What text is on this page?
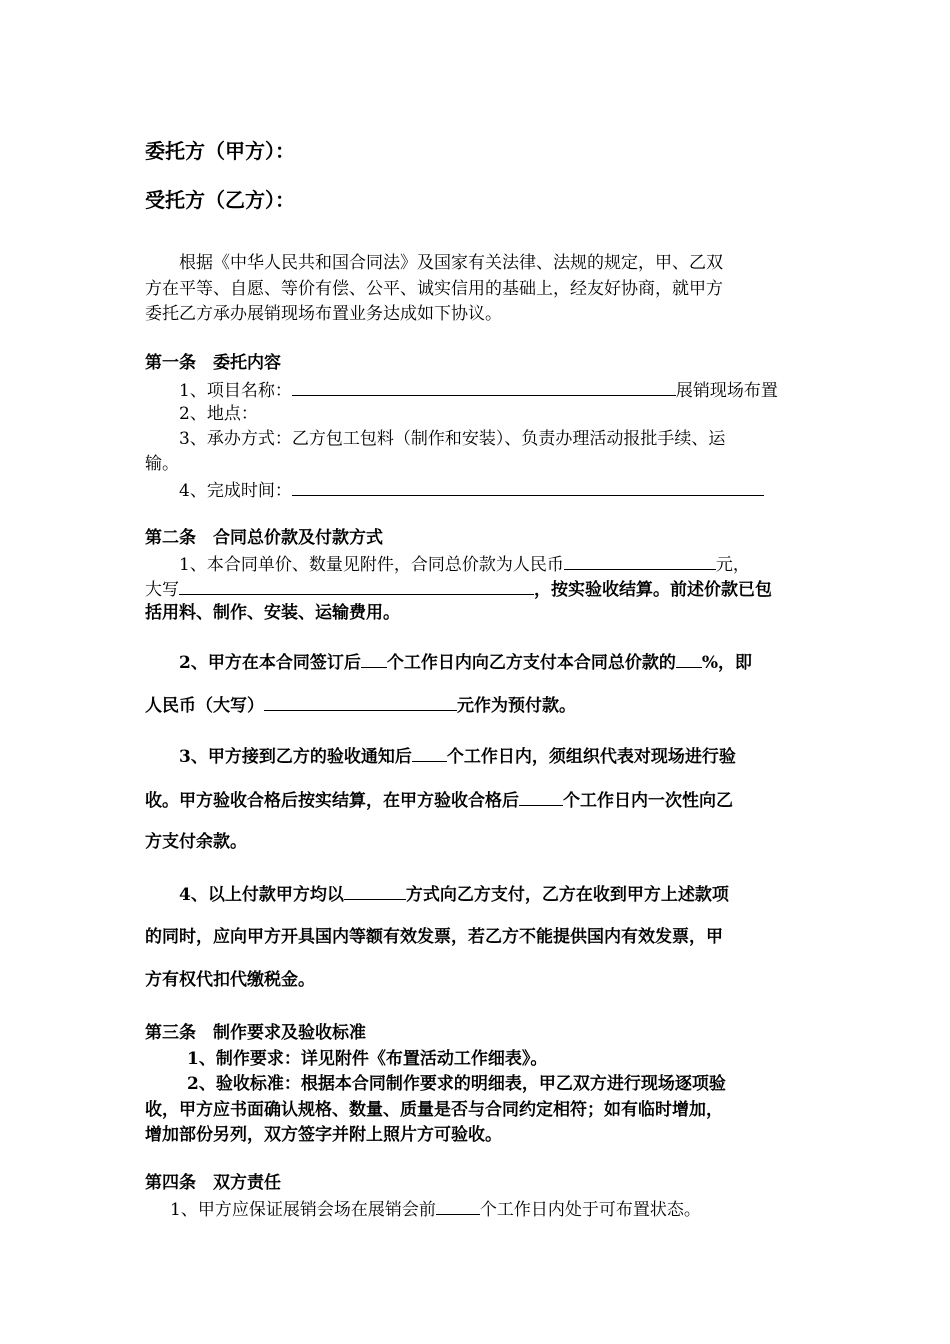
委托方（甲方）：
受托方（乙方）：
根据《中华人民共和国合同法》及国家有关法律、法规的规定，甲、乙双
方在平等、自愿、等价有偿、公平、诚实信用的基础上，经友好协商，就甲方
委托乙方承办展销现场布置业务达成如下协议。
第一条　委托内容
1、项目名称：	展销现场布置
2、地点：
3、承办方式：乙方包工包料（制作和安装）、负责办理活动报批手续、运
输。
4、完成时间：
第二条　合同总价款及付款方式
1、本合同单价、数量见附件，合同总价款为人民币	元，
大写	，按实验收结算。前述价款已包
括用料、制作、安装、运输费用。
2、甲方在本合同签订后 个工作日内向乙方支付本合同总价款的 %，即
人民币（大写）	元作为预付款。
3、甲方接到乙方的验收通知后 个工作日内，须组织代表对现场进行验
收。甲方验收合格后按实结算，在甲方验收合格后	个工作日内一次性向乙
方支付余款。
4、以上付款甲方均以	方式向乙方支付，乙方在收到甲方上述款项
的同时，应向甲方开具国内等额有效发票，若乙方不能提供国内有效发票，甲
方有权代扣代缴税金。
第三条　制作要求及验收标准
1、制作要求：详见附件《布置活动工作细表》。
2、验收标准：根据本合同制作要求的明细表，甲乙双方进行现场逐项验
收，甲方应书面确认规格、数量、质量是否与合同约定相符；如有临时增加，
增加部份另列，双方签字并附上照片方可验收。
第四条　双方责任
1、甲方应保证展销会场在展销会前	个工作日内处于可布置状态。
